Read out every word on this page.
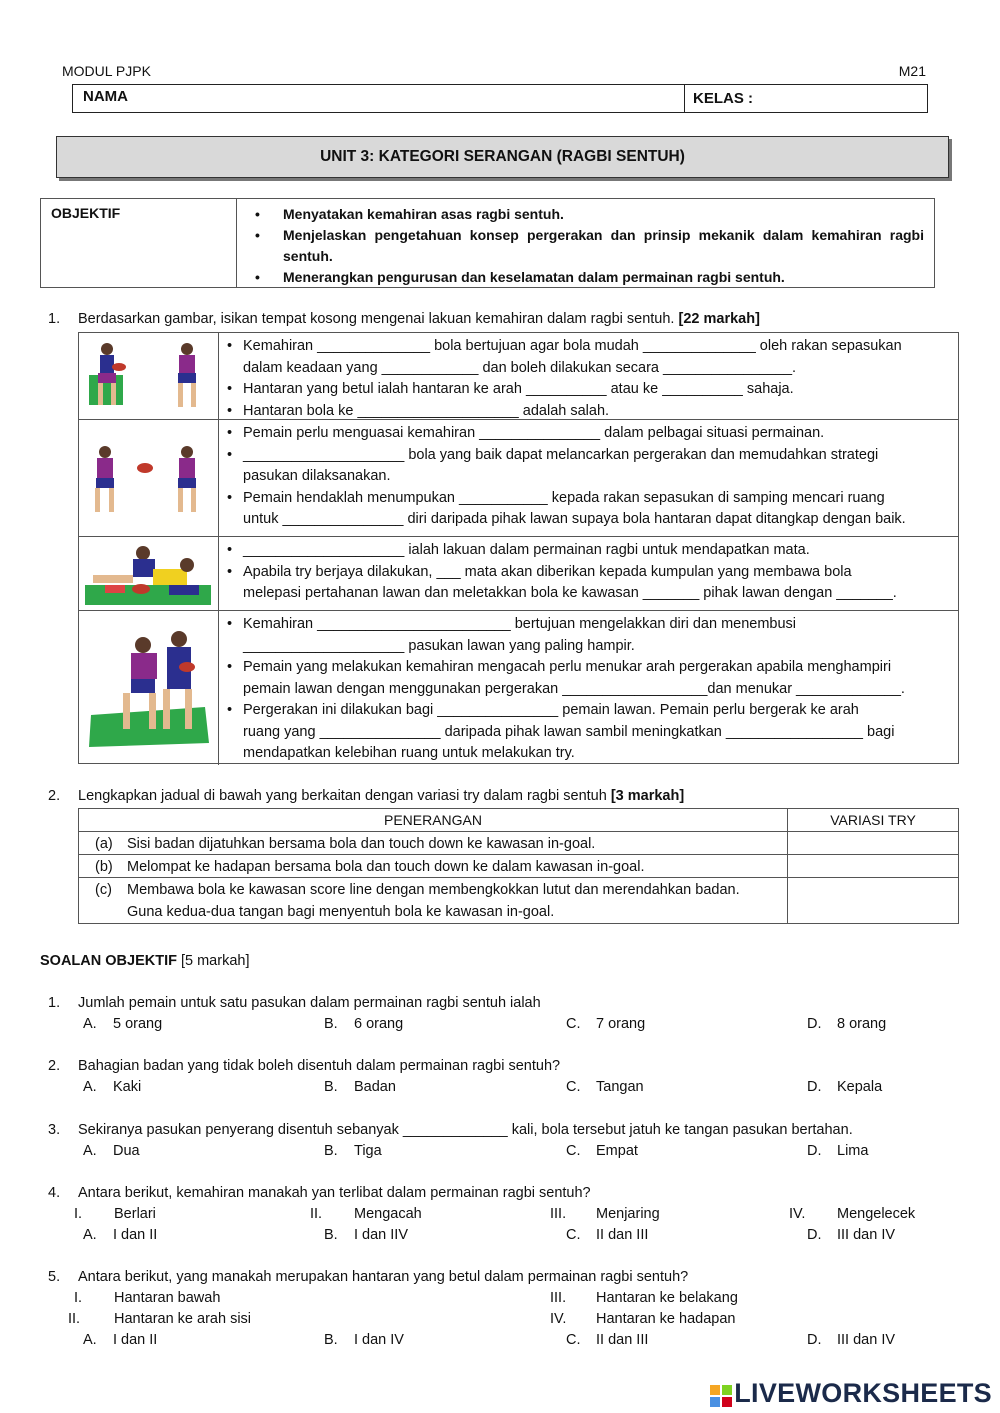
MODUL PJPK	M21
NAMA	KELAS :
UNIT 3: KATEGORI SERANGAN (RAGBI SENTUH)
OBJEKTIF
•	Menyatakan kemahiran asas ragbi sentuh.
• Menjelaskan pengetahuan konsep pergerakan dan prinsip mekanik dalam kemahiran ragbi sentuh.
• Menerangkan pengurusan dan keselamatan dalam permainan ragbi sentuh.
1. Berdasarkan gambar, isikan tempat kosong mengenai lakuan kemahiran dalam ragbi sentuh. [22 markah]

• Kemahiran ______________ bola bertujuan agar bola mudah ______________ oleh rakan sepasukan

dalam keadaan yang ____________ dan boleh dilakukan secara ________________.

• Hantaran yang betul ialah hantaran ke arah __________ atau ke __________ sahaja.

• Hantaran bola ke ____________________ adalah salah.

• Pemain perlu menguasai kemahiran _______________ dalam pelbagai situasi permainan.

• ____________________ bola yang baik dapat melancarkan pergerakan dan memudahkan strategi

pasukan dilaksanakan.

• Pemain hendaklah menumpukan ___________ kepada rakan sepasukan di samping mencari ruang

untuk _______________ diri daripada pihak lawan supaya bola hantaran dapat ditangkap dengan baik.

• ____________________ ialah lakuan dalam permainan ragbi untuk mendapatkan mata.

• Apabila try berjaya dilakukan, ___ mata akan diberikan kepada kumpulan yang membawa bola

melepasi pertahanan lawan dan meletakkan bola ke kawasan _______ pihak lawan dengan _______.

• Kemahiran ________________________ bertujuan mengelakkan diri dan menembusi

____________________ pasukan lawan yang paling hampir.

• Pemain yang melakukan kemahiran mengacah perlu menukar arah pergerakan apabila menghampiri

pemain lawan dengan menggunakan pergerakan __________________dan menukar _____________.

• Pergerakan ini dilakukan bagi _______________ pemain lawan. Pemain perlu bergerak ke arah

ruang yang _______________ daripada pihak lawan sambil meningkatkan _________________ bagi

mendapatkan kelebihan ruang untuk melakukan try.

2. Lengkapkan jadual di bawah yang berkaitan dengan variasi try dalam ragbi sentuh [3 markah]
PENERANGAN	VARIASI TRY
(a) Sisi badan dijatuhkan bersama bola dan touch down ke kawasan in-goal.
(b) Melompat ke hadapan bersama bola dan touch down ke dalam kawasan in-goal.
(c)	Membawa bola ke kawasan score line dengan membengkokkan lutut dan merendahkan badan. Guna kedua-dua tangan bagi menyentuh bola ke kawasan in-goal.
SOALAN OBJEKTIF [5 markah]
1. Jumlah pemain untuk satu pasukan dalam permainan ragbi sentuh ialah
A. 5 orang	B. 6 orang	C. 7 orang	D. 8 orang
2. Bahagian badan yang tidak boleh disentuh dalam permainan ragbi sentuh?
A. Kaki	B. Badan	C. Tangan	D. Kepala
3. Sekiranya pasukan penyerang disentuh sebanyak _____________ kali, bola tersebut jatuh ke tangan pasukan bertahan.
A. Dua	B. Tiga	C. Empat	D. Lima
4. Antara berikut, kemahiran manakah yan terlibat dalam permainan ragbi sentuh?
I. Berlari	II. Mengacah	III. Menjaring	IV. Mengelecek
A. I dan II	B. I dan IIV	C. II dan III	D. III dan IV
5. Antara berikut, yang manakah merupakan hantaran yang betul dalam permainan ragbi sentuh?
I. Hantaran bawah	III. Hantaran ke belakang
II. Hantaran ke arah sisi	IV. Hantaran ke hadapan
A. I dan II	B. I dan IV	C. II dan III	D. III dan IV
LIVEWORKSHEETS
